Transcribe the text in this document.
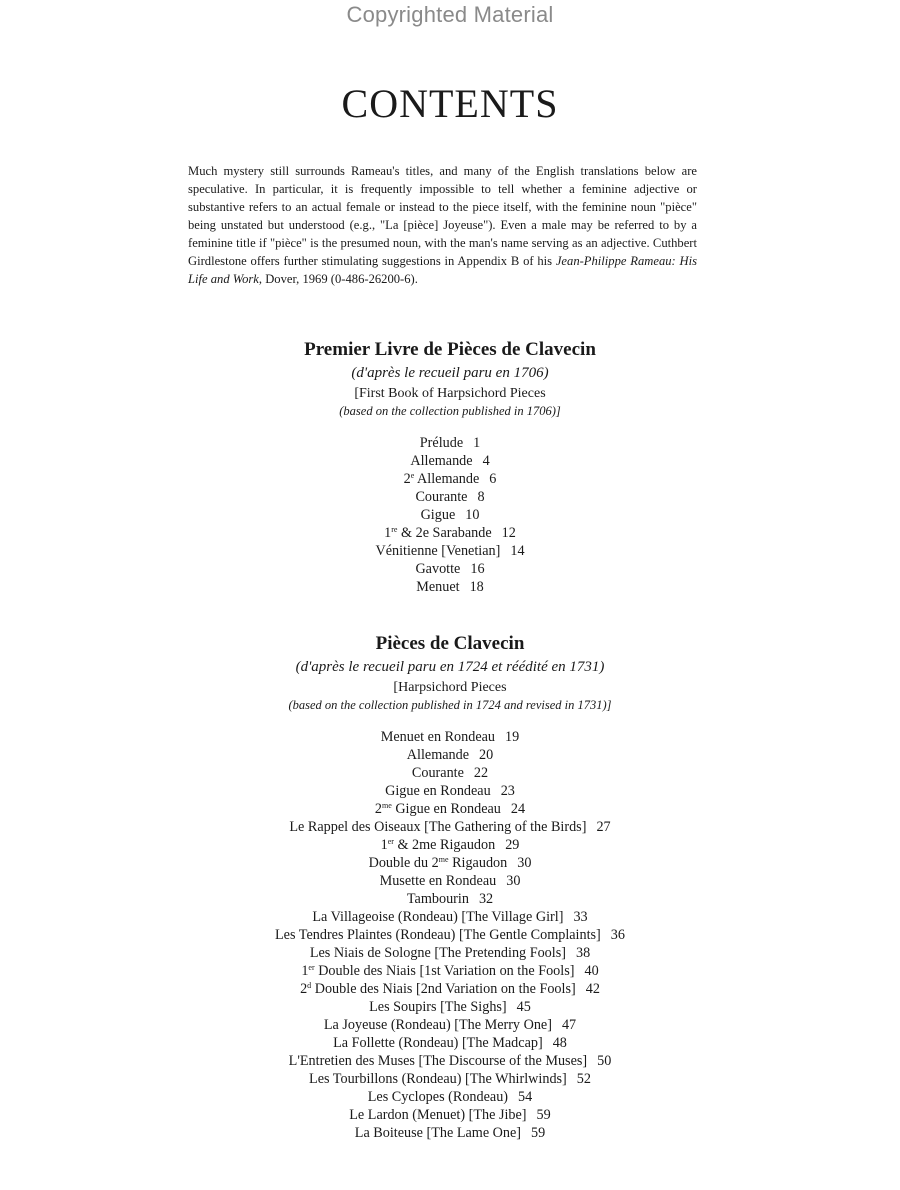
Copyrighted Material
CONTENTS

Much mystery still surrounds Rameau's titles, and many of the English translations below are speculative. In particular, it is frequently impossible to tell whether a feminine adjective or substantive refers to an actual female or instead to the piece itself, with the feminine noun "pièce" being unstated but understood (e.g., "La [pièce] Joyeuse"). Even a male may be referred to by a feminine title if "pièce" is the presumed noun, with the man's name serving as an adjective. Cuthbert Girdlestone offers further stimulating suggestions in Appendix B of his Jean-Philippe Rameau: His Life and Work, Dover, 1969 (0-486-26200-6).

Premier Livre de Pièces de Clavecin

(d'après le recueil paru en 1706)

[First Book of Harpsichord Pieces

(based on the collection published in 1706)]

Prélude 1
Allemande 4
2e Allemande 6
Courante 8
Gigue 10
1re & 2e Sarabande 12
Vénitienne [Venetian] 14
Gavotte 16
Menuet 18
Pièces de Clavecin

(d'après le recueil paru en 1724 et réédité en 1731)

[Harpsichord Pieces

(based on the collection published in 1724 and revised in 1731)]

Menuet en Rondeau 19
Allemande 20
Courante 22
Gigue en Rondeau 23
$2^{me}$ Gigue en Rondeau 24
Le Rappel des Oiseaux [The Gathering of the Birds] 27
1er & 2me Rigaudon 29
Double du $2^{me}$ Rigaudon 30
Musette en Rondeau 30
Tambourin 32
La Villageoise (Rondeau) [The Village Girl] 33
Les Tendres Plaintes (Rondeau) [The Gentle Complaints] 36
Les Niais de Sologne [The Pretending Fools] 38
1er Double des Niais [1st Variation on the Fools] 40
2$^d$ Double des Niais [2nd Variation on the Fools] 42
Les Soupirs [The Sighs] 45
La Joyeuse (Rondeau) [The Merry One] 47
La Follette (Rondeau) [The Madcap] 48
L'Entretien des Muses [The Discourse of the Muses] 50
Les Tourbillons (Rondeau) [The Whirlwinds] 52
Les Cyclopes (Rondeau) 54
Le Lardon (Menuet) [The Jibe] 59
La Boiteuse [The Lame One] 59
